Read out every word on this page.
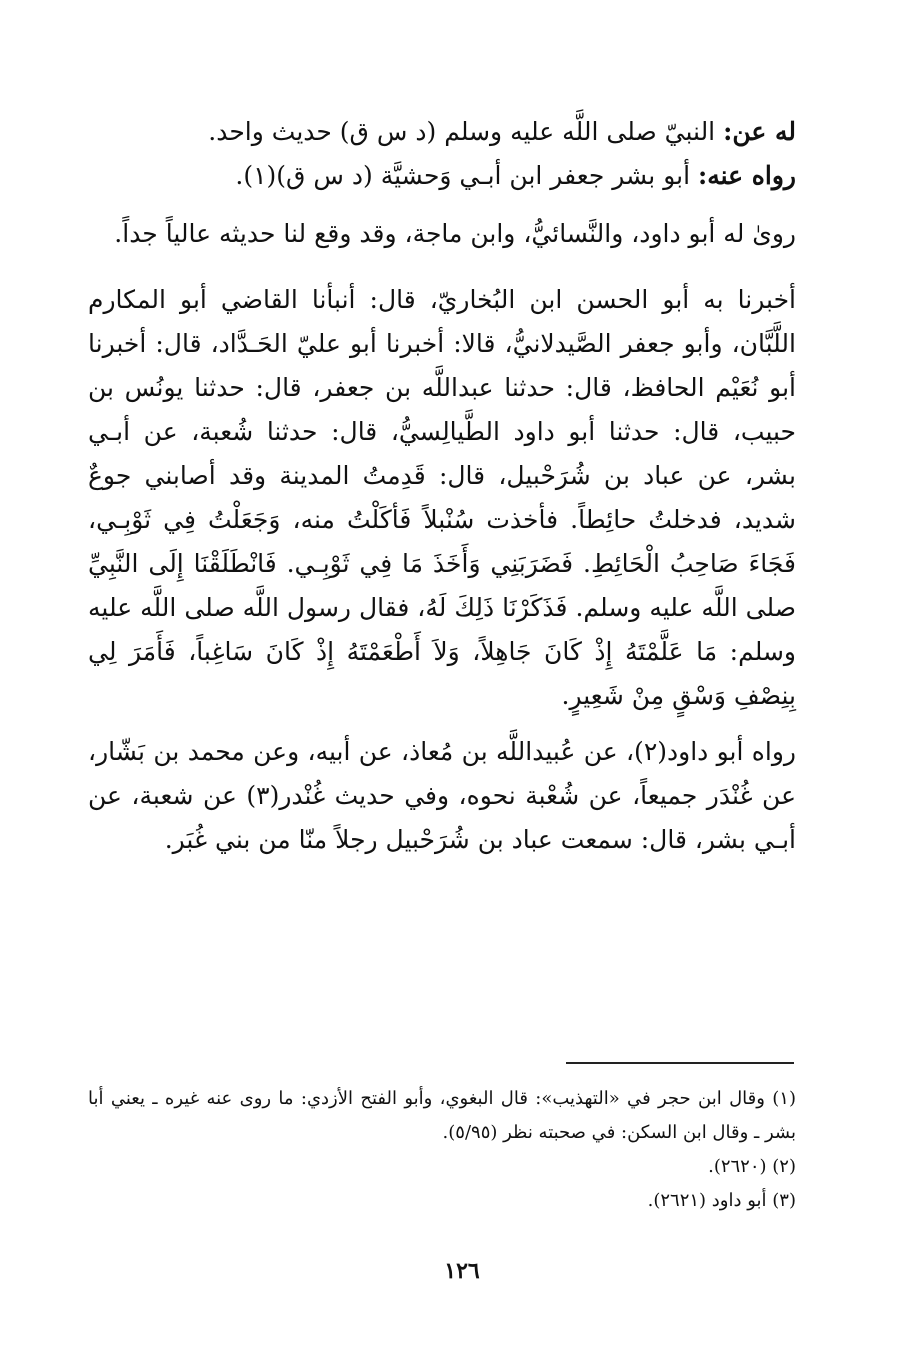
له عن: النبيّ صلى اللَّه عليه وسلم (د س ق) حديث واحد.

رواه عنه: أبو بشر جعفر ابن أبـي وَحشيَّة (د س ق)(١).

روىٰ له أبو داود، والنَّسائيُّ، وابن ماجة، وقد وقع لنا حديثه عالياً جداً.

أخبرنا به أبو الحسن ابن البُخاريّ، قال: أنبأنا القاضي أبو المكارم اللَّبَّان، وأبو جعفر الصَّيدلانيُّ، قالا: أخبرنا أبو عليّ الحَـدَّاد، قال: أخبرنا أبو نُعَيْم الحافظ، قال: حدثنا عبداللَّه بن جعفر، قال: حدثنا يونُس بن حبيب، قال: حدثنا أبو داود الطَّيالِسيُّ، قال: حدثنا شُعبة، عن أبـي بشر، عن عباد بن شُرَحْبيل، قال: قَدِمتُ المدينة وقد أصابني جوعٌ شديد، فدخلتُ حائِطاً. فأخذت سُنْبلاً فَأكَلْتُ منه، وَجَعَلْتُ فِي ثَوْبِـي، فَجَاءَ صَاحِبُ الْحَائِطِ. فَضَرَبَنِي وَأَخَذَ مَا فِي ثَوْبِـي. فَانْطَلَقْنَا إِلَى النَّبِيِّ صلى اللَّه عليه وسلم. فَذَكَرْنَا ذَلِكَ لَهُ، فقال رسول اللَّه صلى اللَّه عليه وسلم: مَا عَلَّمْتَهُ إِذْ كَانَ جَاهِلاً، وَلاَ أَطْعَمْتَهُ إِذْ كَانَ سَاغِباً، فَأَمَرَ لِي بِنِصْفِ وَسْقٍ مِنْ شَعِيرٍ.

رواه أبو داود(٢)، عن عُبيداللَّه بن مُعاذ، عن أبيه، وعن محمد بن بَشّار، عن غُنْدَر جميعاً، عن شُعْبة نحوه، وفي حديث غُنْدر(٣) عن شعبة، عن أبـي بشر، قال: سمعت عباد بن شُرَحْبيل رجلاً منّا من بني غُبَر.

(١) وقال ابن حجر في «التهذيب»: قال البغوي، وأبو الفتح الأزدي: ما روى عنه غيره ـ يعني أبا بشر ـ وقال ابن السكن: في صحبته نظر (٥/٩٥).

(٢) (٢٦٢٠).

(٣) أبو داود (٢٦٢١).

١٢٦
